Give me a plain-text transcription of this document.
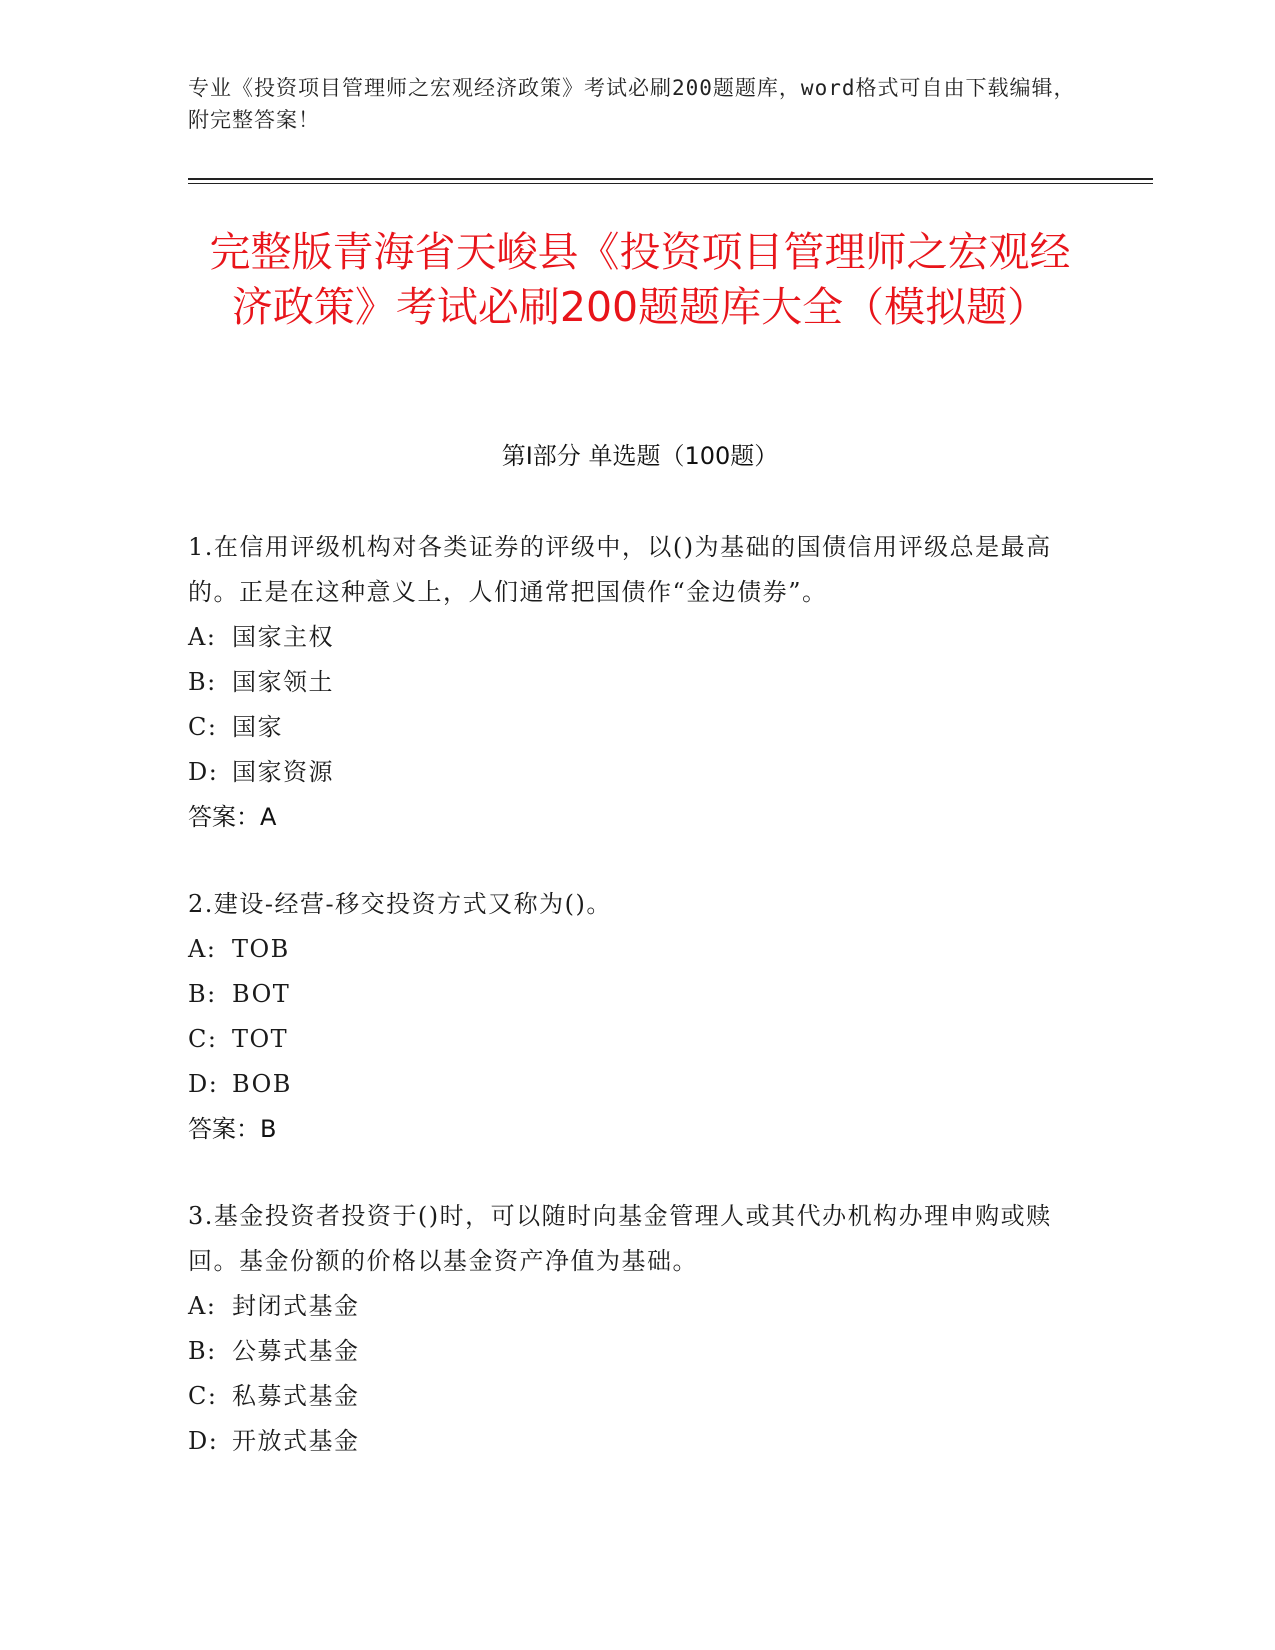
专业《投资项目管理师之宏观经济政策》考试必刷200题题库，word格式可自由下载编辑，附完整答案！
完整版青海省天峻县《投资项目管理师之宏观经济政策》考试必刷200题题库大全（模拟题）
第Ⅰ部分 单选题（100题）
1.在信用评级机构对各类证券的评级中，以()为基础的国债信用评级总是最高的。正是在这种意义上，人们通常把国债作“金边债券”。
A: 国家主权
B: 国家领土
C: 国家
D: 国家资源
答案：A
2.建设-经营-移交投资方式又称为()。
A: TOB
B: BOT
C: TOT
D: BOB
答案：B
3.基金投资者投资于()时，可以随时向基金管理人或其代办机构办理申购或赎回。基金份额的价格以基金资产净值为基础。
A: 封闭式基金
B: 公募式基金
C: 私募式基金
D: 开放式基金
